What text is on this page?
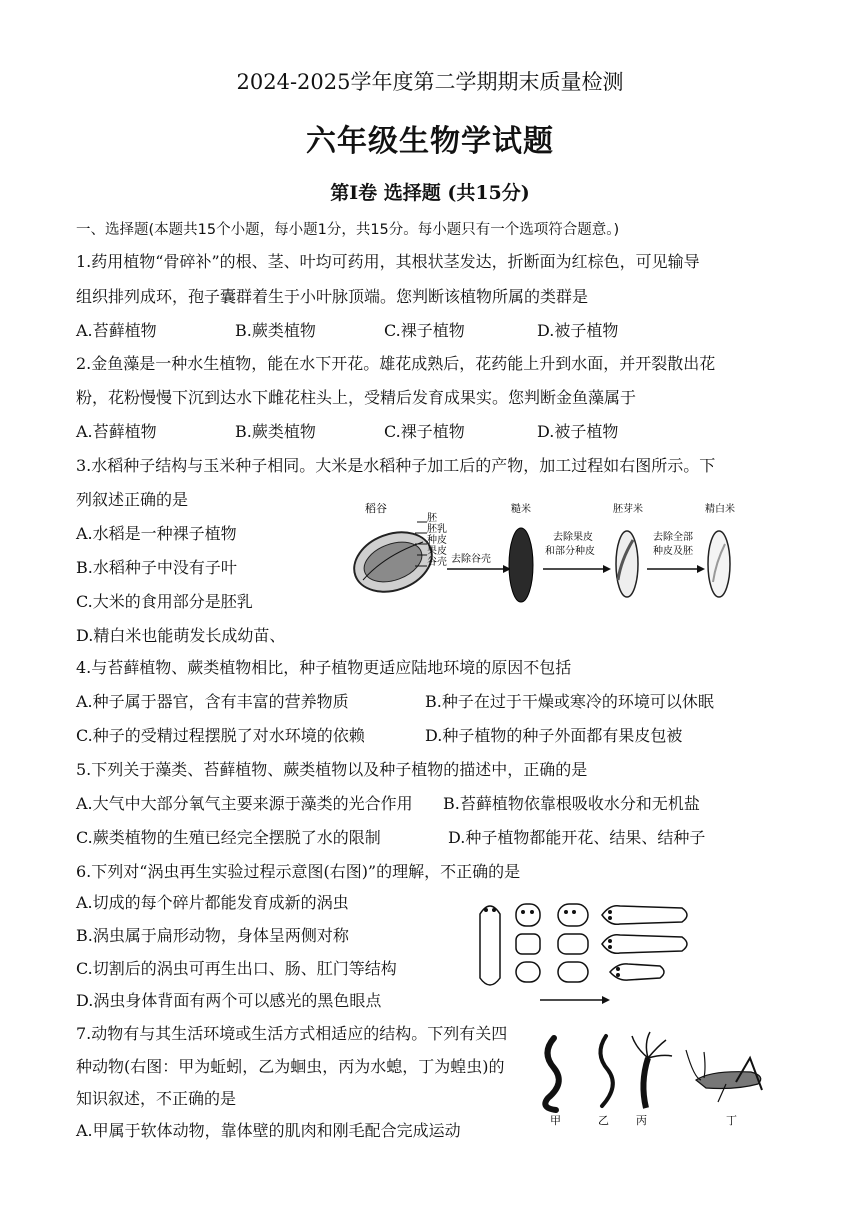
2024-2025学年度第二学期期末质量检测
六年级生物学试题
第Ⅰ卷 选择题 (共15分)
一、选择题(本题共15个小题，每小题1分，共15分。每小题只有一个选项符合题意。)
1.药用植物“骨碎补”的根、茎、叶均可药用，其根状茎发达，折断面为红棕色，可见输导
组织排列成环，孢子囊群着生于小叶脉顶端。您判断该植物所属的类群是
A.苔藓植物	B.蕨类植物	C.裸子植物	D.被子植物
2.金鱼藻是一种水生植物，能在水下开花。雄花成熟后，花药能上升到水面，并开裂散出花
粉，花粉慢慢下沉到达水下雌花柱头上，受精后发育成果实。您判断金鱼藻属于
A.苔藓植物	B.蕨类植物	C.裸子植物	D.被子植物
3.水稻种子结构与玉米种子相同。大米是水稻种子加工后的产物，加工过程如右图所示。下
列叙述正确的是
A.水稻是一种裸子植物
B.水稻种子中没有子叶
C.大米的食用部分是胚乳
D.精白米也能萌发长成幼苗、
稻谷
胚
胚乳
种皮
果皮
谷壳 去除谷壳
糙米
去除果皮
和部分种皮
胚芽米
去除全部
种皮及胚
精白米
4.与苔藓植物、蕨类植物相比，种子植物更适应陆地环境的原因不包括
A.种子属于器官，含有丰富的营养物质	B.种子在过于干燥或寒冷的环境可以休眠
C.种子的受精过程摆脱了对水环境的依赖	D.种子植物的种子外面都有果皮包被
5.下列关于藻类、苔藓植物、蕨类植物以及种子植物的描述中，正确的是
A.大气中大部分氧气主要来源于藻类的光合作用 B.苔藓植物依靠根吸收水分和无机盐
C.蕨类植物的生殖已经完全摆脱了水的限制	D.种子植物都能开花、结果、结种子
6.下列对“涡虫再生实验过程示意图(右图)”的理解，不正确的是
A.切成的每个碎片都能发育成新的涡虫
B.涡虫属于扁形动物，身体呈两侧对称
C.切割后的涡虫可再生出口、肠、肛门等结构
D.涡虫身体背面有两个可以感光的黑色眼点
7.动物有与其生活环境或生活方式相适应的结构。下列有关四
种动物(右图：甲为蚯蚓，乙为蛔虫，丙为水螅，丁为蝗虫)的
知识叙述，不正确的是
A.甲属于软体动物，靠体壁的肌肉和刚毛配合完成运动
甲	乙 丙	丁
